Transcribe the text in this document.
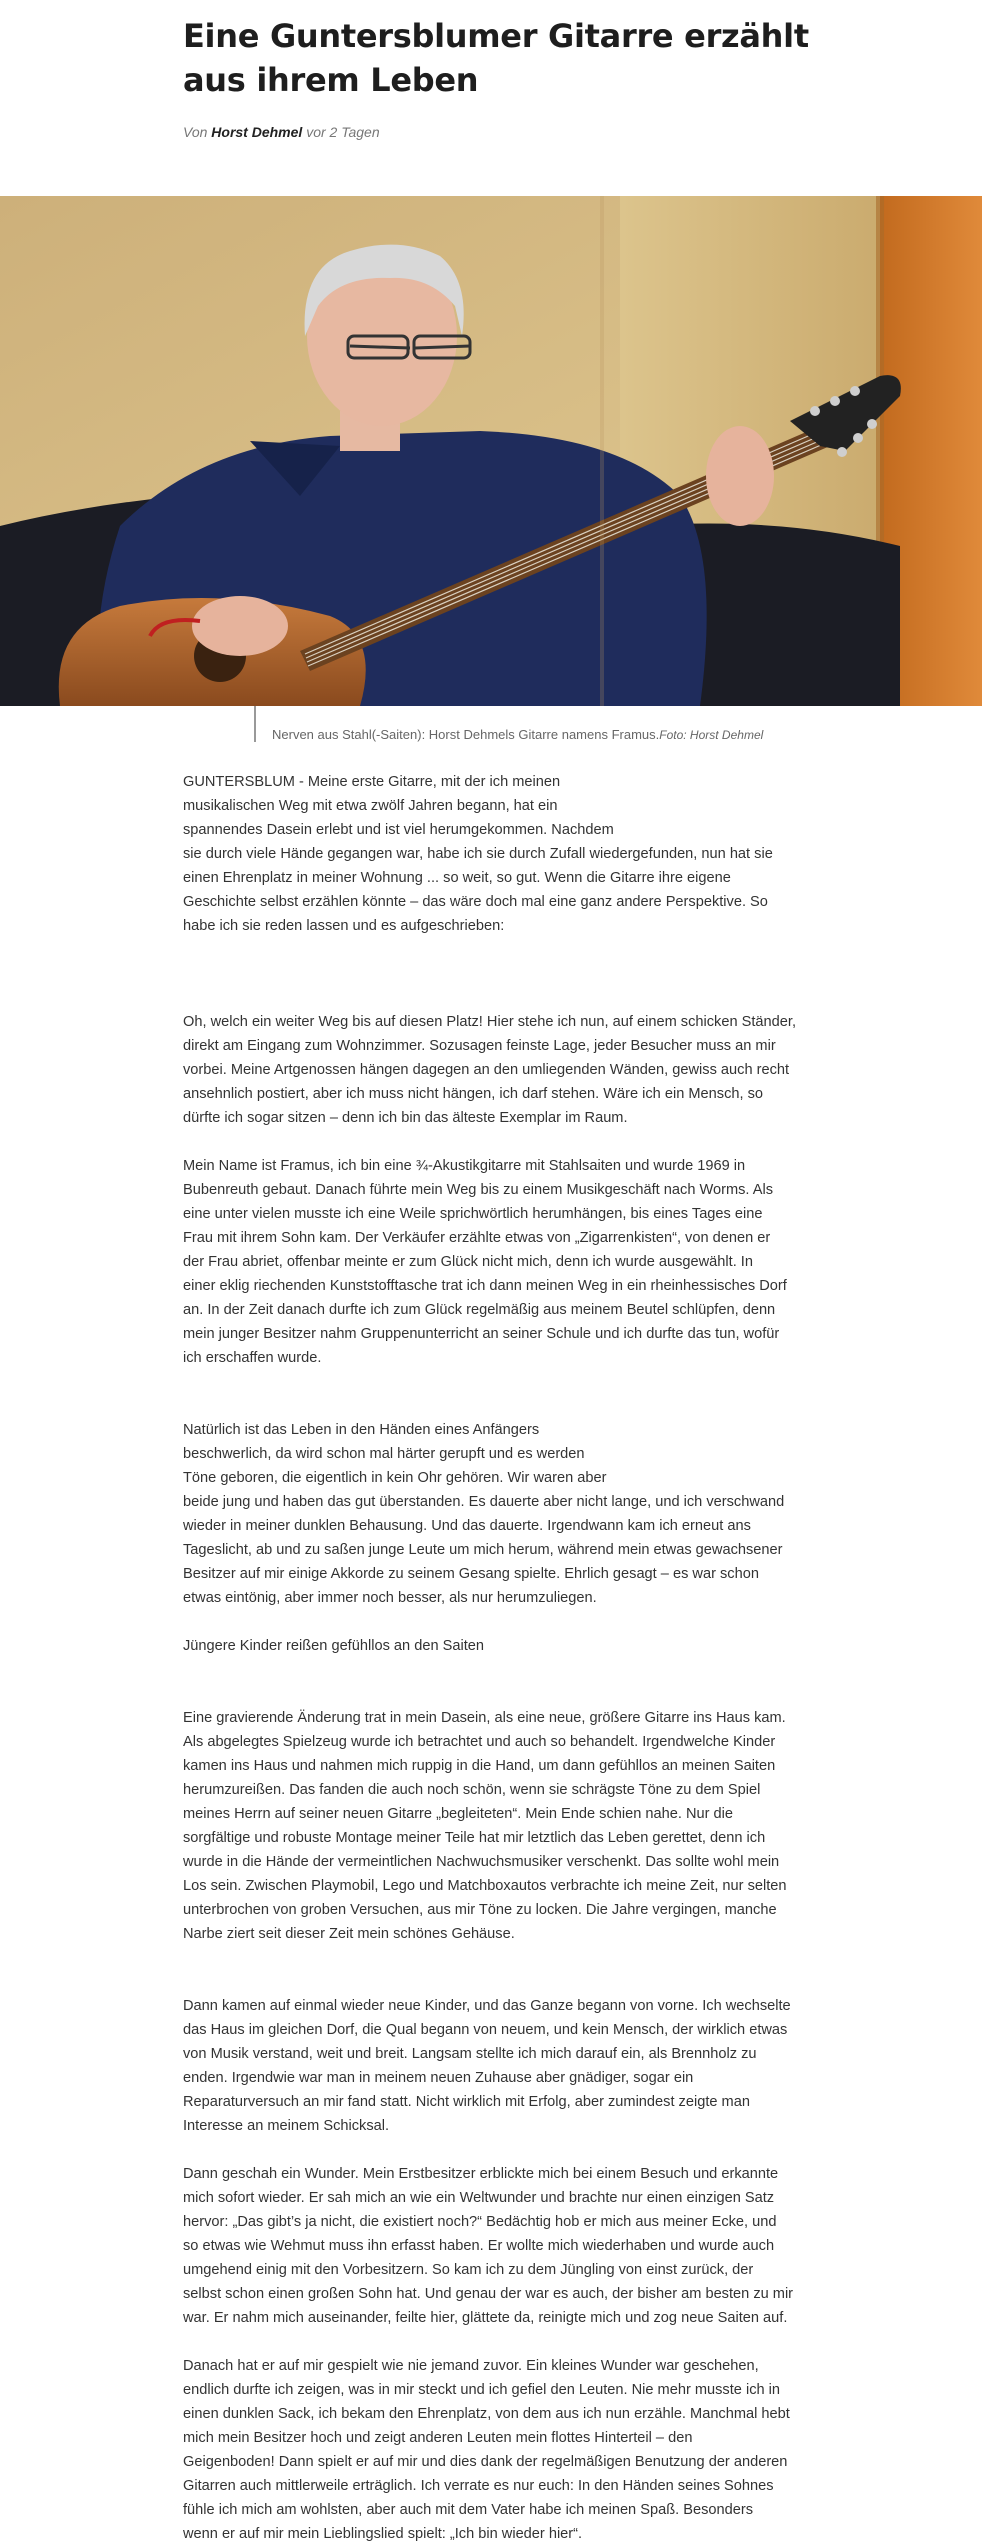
Eine Guntersblumer Gitarre erzählt aus ihrem Leben
Von Horst Dehmel vor 2 Tagen
Nerven aus Stahl(-Saiten): Horst Dehmels Gitarre namens Framus.Foto: Horst Dehmel

GUNTERSBLUM - Meine erste Gitarre, mit der ich meinen
musikalischen Weg mit etwa zwölf Jahren begann, hat ein
spannendes Dasein erlebt und ist viel herumgekommen. Nachdem
sie durch viele Hände gegangen war, habe ich sie durch Zufall wiedergefunden, nun hat sie
einen Ehrenplatz in meiner Wohnung ... so weit, so gut. Wenn die Gitarre ihre eigene
Geschichte selbst erzählen könnte – das wäre doch mal eine ganz andere Perspektive. So
habe ich sie reden lassen und es aufgeschrieben:

Oh, welch ein weiter Weg bis auf diesen Platz! Hier stehe ich nun, auf einem schicken Ständer,
direkt am Eingang zum Wohnzimmer. Sozusagen feinste Lage, jeder Besucher muss an mir
vorbei. Meine Artgenossen hängen dagegen an den umliegenden Wänden, gewiss auch recht
ansehnlich postiert, aber ich muss nicht hängen, ich darf stehen. Wäre ich ein Mensch, so
dürfte ich sogar sitzen – denn ich bin das älteste Exemplar im Raum.

Mein Name ist Framus, ich bin eine ¾-Akustikgitarre mit Stahlsaiten und wurde 1969 in
Bubenreuth gebaut. Danach führte mein Weg bis zu einem Musikgeschäft nach Worms. Als
eine unter vielen musste ich eine Weile sprichwörtlich herumhängen, bis eines Tages eine
Frau mit ihrem Sohn kam. Der Verkäufer erzählte etwas von „Zigarrenkisten“, von denen er
der Frau abriet, offenbar meinte er zum Glück nicht mich, denn ich wurde ausgewählt. In
einer eklig riechenden Kunststofftasche trat ich dann meinen Weg in ein rheinhessisches Dorf
an. In der Zeit danach durfte ich zum Glück regelmäßig aus meinem Beutel schlüpfen, denn
mein junger Besitzer nahm Gruppenunterricht an seiner Schule und ich durfte das tun, wofür
ich erschaffen wurde.

Natürlich ist das Leben in den Händen eines Anfängers
beschwerlich, da wird schon mal härter gerupft und es werden
Töne geboren, die eigentlich in kein Ohr gehören. Wir waren aber
beide jung und haben das gut überstanden. Es dauerte aber nicht lange, und ich verschwand
wieder in meiner dunklen Behausung. Und das dauerte. Irgendwann kam ich erneut ans
Tageslicht, ab und zu saßen junge Leute um mich herum, während mein etwas gewachsener
Besitzer auf mir einige Akkorde zu seinem Gesang spielte. Ehrlich gesagt – es war schon
etwas eintönig, aber immer noch besser, als nur herumzuliegen.

Jüngere Kinder reißen gefühllos an den Saiten

Eine gravierende Änderung trat in mein Dasein, als eine neue, größere Gitarre ins Haus kam.
Als abgelegtes Spielzeug wurde ich betrachtet und auch so behandelt. Irgendwelche Kinder
kamen ins Haus und nahmen mich ruppig in die Hand, um dann gefühllos an meinen Saiten
herumzureißen. Das fanden die auch noch schön, wenn sie schrägste Töne zu dem Spiel
meines Herrn auf seiner neuen Gitarre „begleiteten“. Mein Ende schien nahe. Nur die
sorgfältige und robuste Montage meiner Teile hat mir letztlich das Leben gerettet, denn ich
wurde in die Hände der vermeintlichen Nachwuchsmusiker verschenkt. Das sollte wohl mein
Los sein. Zwischen Playmobil, Lego und Matchboxautos verbrachte ich meine Zeit, nur selten
unterbrochen von groben Versuchen, aus mir Töne zu locken. Die Jahre vergingen, manche
Narbe ziert seit dieser Zeit mein schönes Gehäuse.

Dann kamen auf einmal wieder neue Kinder, und das Ganze begann von vorne. Ich wechselte
das Haus im gleichen Dorf, die Qual begann von neuem, und kein Mensch, der wirklich etwas
von Musik verstand, weit und breit. Langsam stellte ich mich darauf ein, als Brennholz zu
enden. Irgendwie war man in meinem neuen Zuhause aber gnädiger, sogar ein
Reparaturversuch an mir fand statt. Nicht wirklich mit Erfolg, aber zumindest zeigte man
Interesse an meinem Schicksal.

Dann geschah ein Wunder. Mein Erstbesitzer erblickte mich bei einem Besuch und erkannte
mich sofort wieder. Er sah mich an wie ein Weltwunder und brachte nur einen einzigen Satz
hervor: „Das gibt’s ja nicht, die existiert noch?“ Bedächtig hob er mich aus meiner Ecke, und
so etwas wie Wehmut muss ihn erfasst haben. Er wollte mich wiederhaben und wurde auch
umgehend einig mit den Vorbesitzern. So kam ich zu dem Jüngling von einst zurück, der
selbst schon einen großen Sohn hat. Und genau der war es auch, der bisher am besten zu mir
war. Er nahm mich auseinander, feilte hier, glättete da, reinigte mich und zog neue Saiten auf.

Danach hat er auf mir gespielt wie nie jemand zuvor. Ein kleines Wunder war geschehen,
endlich durfte ich zeigen, was in mir steckt und ich gefiel den Leuten. Nie mehr musste ich in
einen dunklen Sack, ich bekam den Ehrenplatz, von dem aus ich nun erzähle. Manchmal hebt
mich mein Besitzer hoch und zeigt anderen Leuten mein flottes Hinterteil – den
Geigenboden! Dann spielt er auf mir und dies dank der regelmäßigen Benutzung der anderen
Gitarren auch mittlerweile erträglich. Ich verrate es nur euch: In den Händen seines Sohnes
fühle ich mich am wohlsten, aber auch mit dem Vater habe ich meinen Spaß. Besonders
wenn er auf mir mein Lieblingslied spielt: „Ich bin wieder hier“.
